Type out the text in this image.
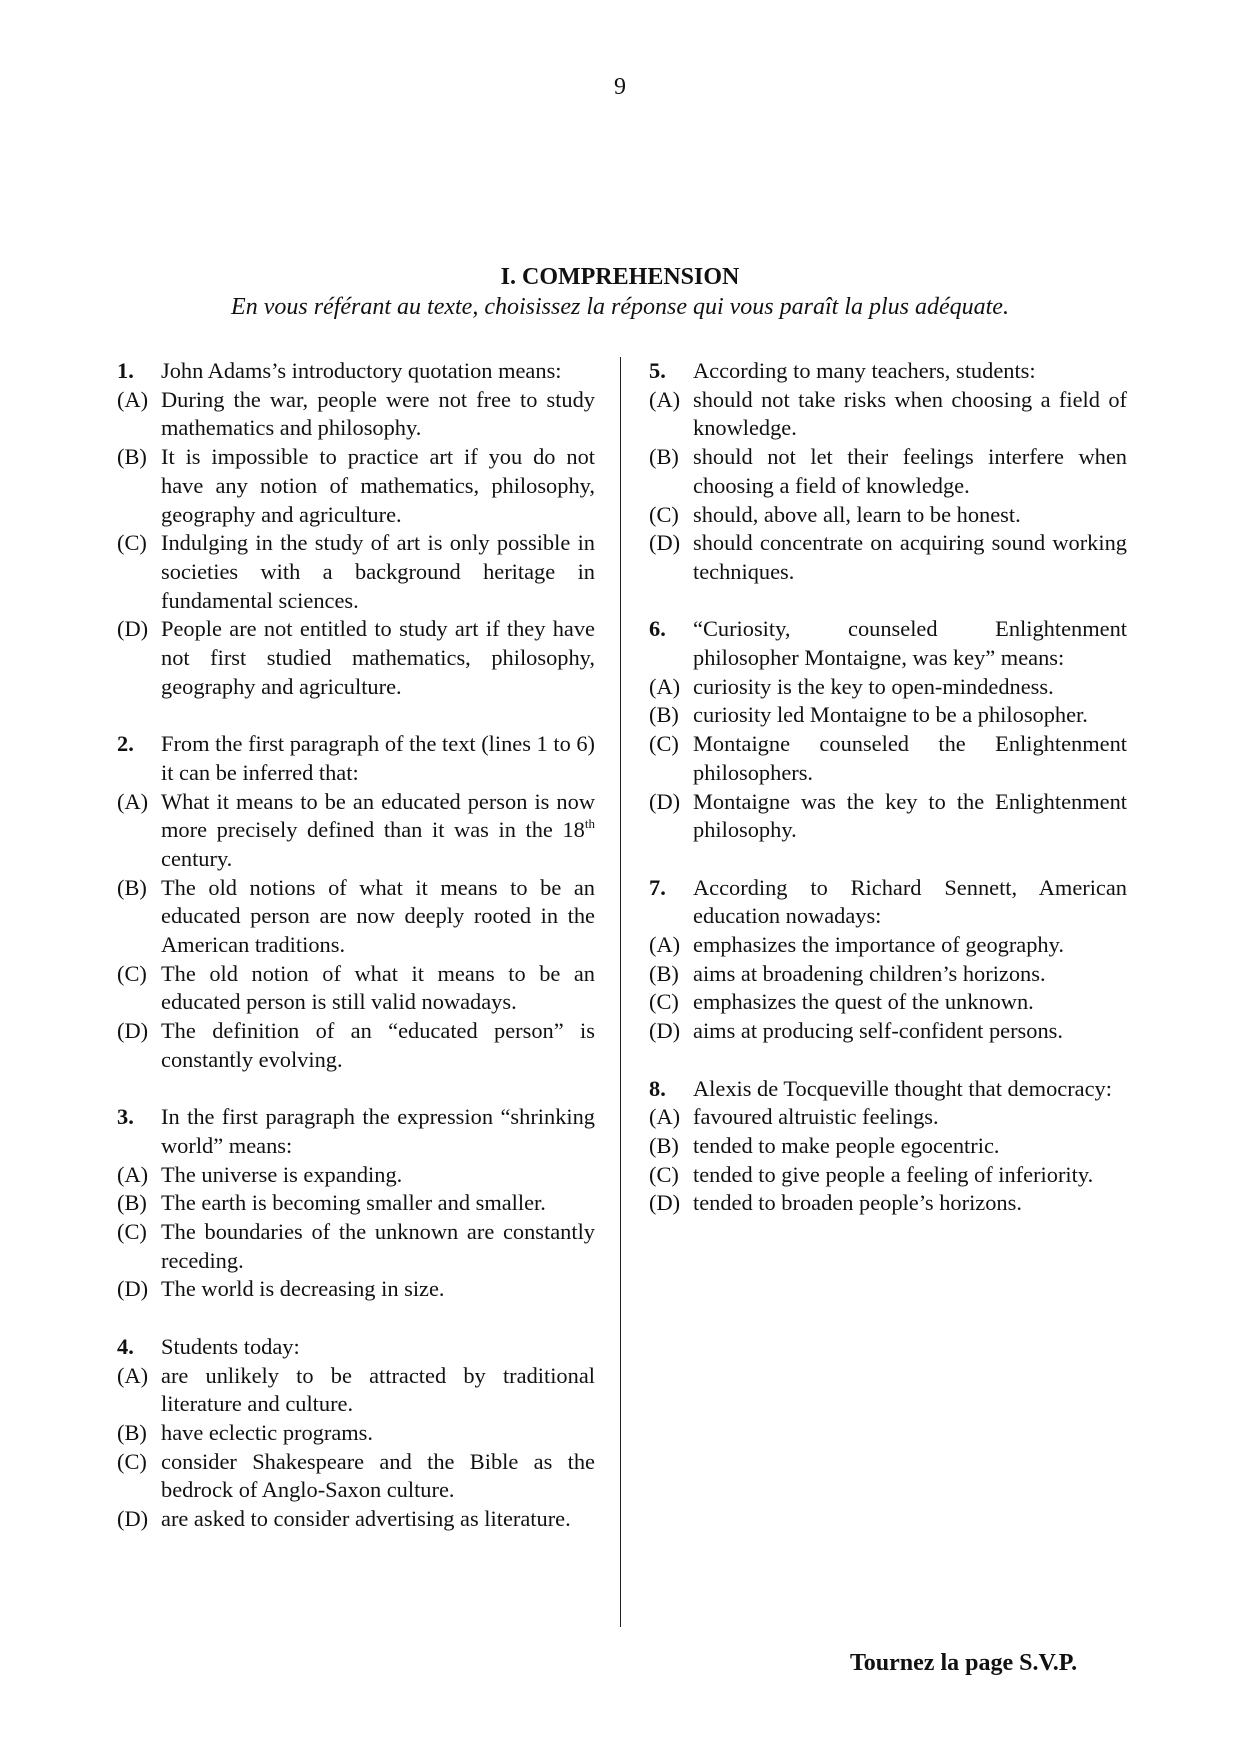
9
I. COMPREHENSION
En vous référant au texte, choisissez la réponse qui vous paraît la plus adéquate.
1.	John Adams’s introductory quotation means:
(A) During the war, people were not free to study mathematics and philosophy.
(B) It is impossible to practice art if you do not have any notion of mathematics, philosophy, geography and agriculture.
(C) Indulging in the study of art is only possible in societies with a background heritage in fundamental sciences.
(D) People are not entitled to study art if they have not first studied mathematics, philosophy, geography and agriculture.
2.	From the first paragraph of the text (lines 1 to 6) it can be inferred that:
(A) What it means to be an educated person is now more precisely defined than it was in the 18th century.
(B) The old notions of what it means to be an educated person are now deeply rooted in the American traditions.
(C) The old notion of what it means to be an educated person is still valid nowadays.
(D) The definition of an “educated person” is constantly evolving.
3.	In the first paragraph the expression “shrinking world” means:
(A) The universe is expanding.
(B) The earth is becoming smaller and smaller.
(C) The boundaries of the unknown are constantly receding.
(D) The world is decreasing in size.
4.	Students today:
(A) are unlikely to be attracted by traditional literature and culture.
(B) have eclectic programs.
(C) consider Shakespeare and the Bible as the bedrock of Anglo-Saxon culture.
(D) are asked to consider advertising as literature.
5.	According to many teachers, students:
(A) should not take risks when choosing a field of knowledge.
(B) should not let their feelings interfere when choosing a field of knowledge.
(C) should, above all, learn to be honest.
(D) should concentrate on acquiring sound working techniques.
6.	“Curiosity, counseled Enlightenment philosopher Montaigne, was key” means:
(A) curiosity is the key to open-mindedness.
(B) curiosity led Montaigne to be a philosopher.
(C) Montaigne counseled the Enlightenment philosophers.
(D) Montaigne was the key to the Enlightenment philosophy.
7.	According to Richard Sennett, American education nowadays:
(A) emphasizes the importance of geography.
(B) aims at broadening children’s horizons.
(C) emphasizes the quest of the unknown.
(D) aims at producing self-confident persons.
8.	Alexis de Tocqueville thought that democracy:
(A) favoured altruistic feelings.
(B) tended to make people egocentric.
(C) tended to give people a feeling of inferiority.
(D) tended to broaden people’s horizons.
Tournez la page S.V.P.
